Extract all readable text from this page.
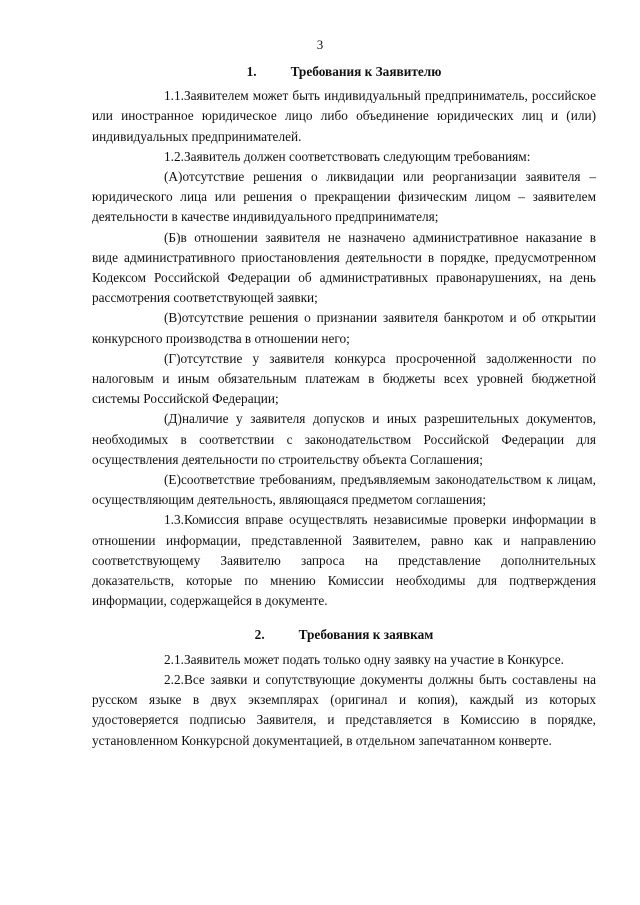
3
1.	Требования к Заявителю

1.1.Заявителем может быть индивидуальный предприниматель, российское или иностранное юридическое лицо либо объединение юридических лиц и (или) индивидуальных предпринимателей.

1.2.Заявитель должен соответствовать следующим требованиям:

(А)отсутствие решения о ликвидации или реорганизации заявителя – юридического лица или решения о прекращении физическим лицом – заявителем деятельности в качестве индивидуального предпринимателя;

(Б)в отношении заявителя не назначено административное наказание в виде административного приостановления деятельности в порядке, предусмотренном Кодексом Российской Федерации об административных правонарушениях, на день рассмотрения соответствующей заявки;

(В)отсутствие решения о признании заявителя банкротом и об открытии конкурсного производства в отношении него;

(Г)отсутствие у заявителя конкурса просроченной задолженности по налоговым и иным обязательным платежам в бюджеты всех уровней бюджетной системы Российской Федерации;

(Д)наличие у заявителя допусков и иных разрешительных документов, необходимых в соответствии с законодательством Российской Федерации для осуществления деятельности по строительству объекта Соглашения;

(Е)соответствие требованиям, предъявляемым законодательством к лицам, осуществляющим деятельность, являющаяся предметом соглашения;

1.3.Комиссия вправе осуществлять независимые проверки информации в отношении информации, представленной Заявителем, равно как и направлению соответствующему Заявителю запроса на представление дополнительных доказательств, которые по мнению Комиссии необходимы для подтверждения информации, содержащейся в документе.

2.	Требования к заявкам

2.1.Заявитель может подать только одну заявку на участие в Конкурсе.

2.2.Все заявки и сопутствующие документы должны быть составлены на русском языке в двух экземплярах (оригинал и копия), каждый из которых удостоверяется подписью Заявителя, и представляется в Комиссию в порядке, установленном Конкурсной документацией, в отдельном запечатанном конверте.
